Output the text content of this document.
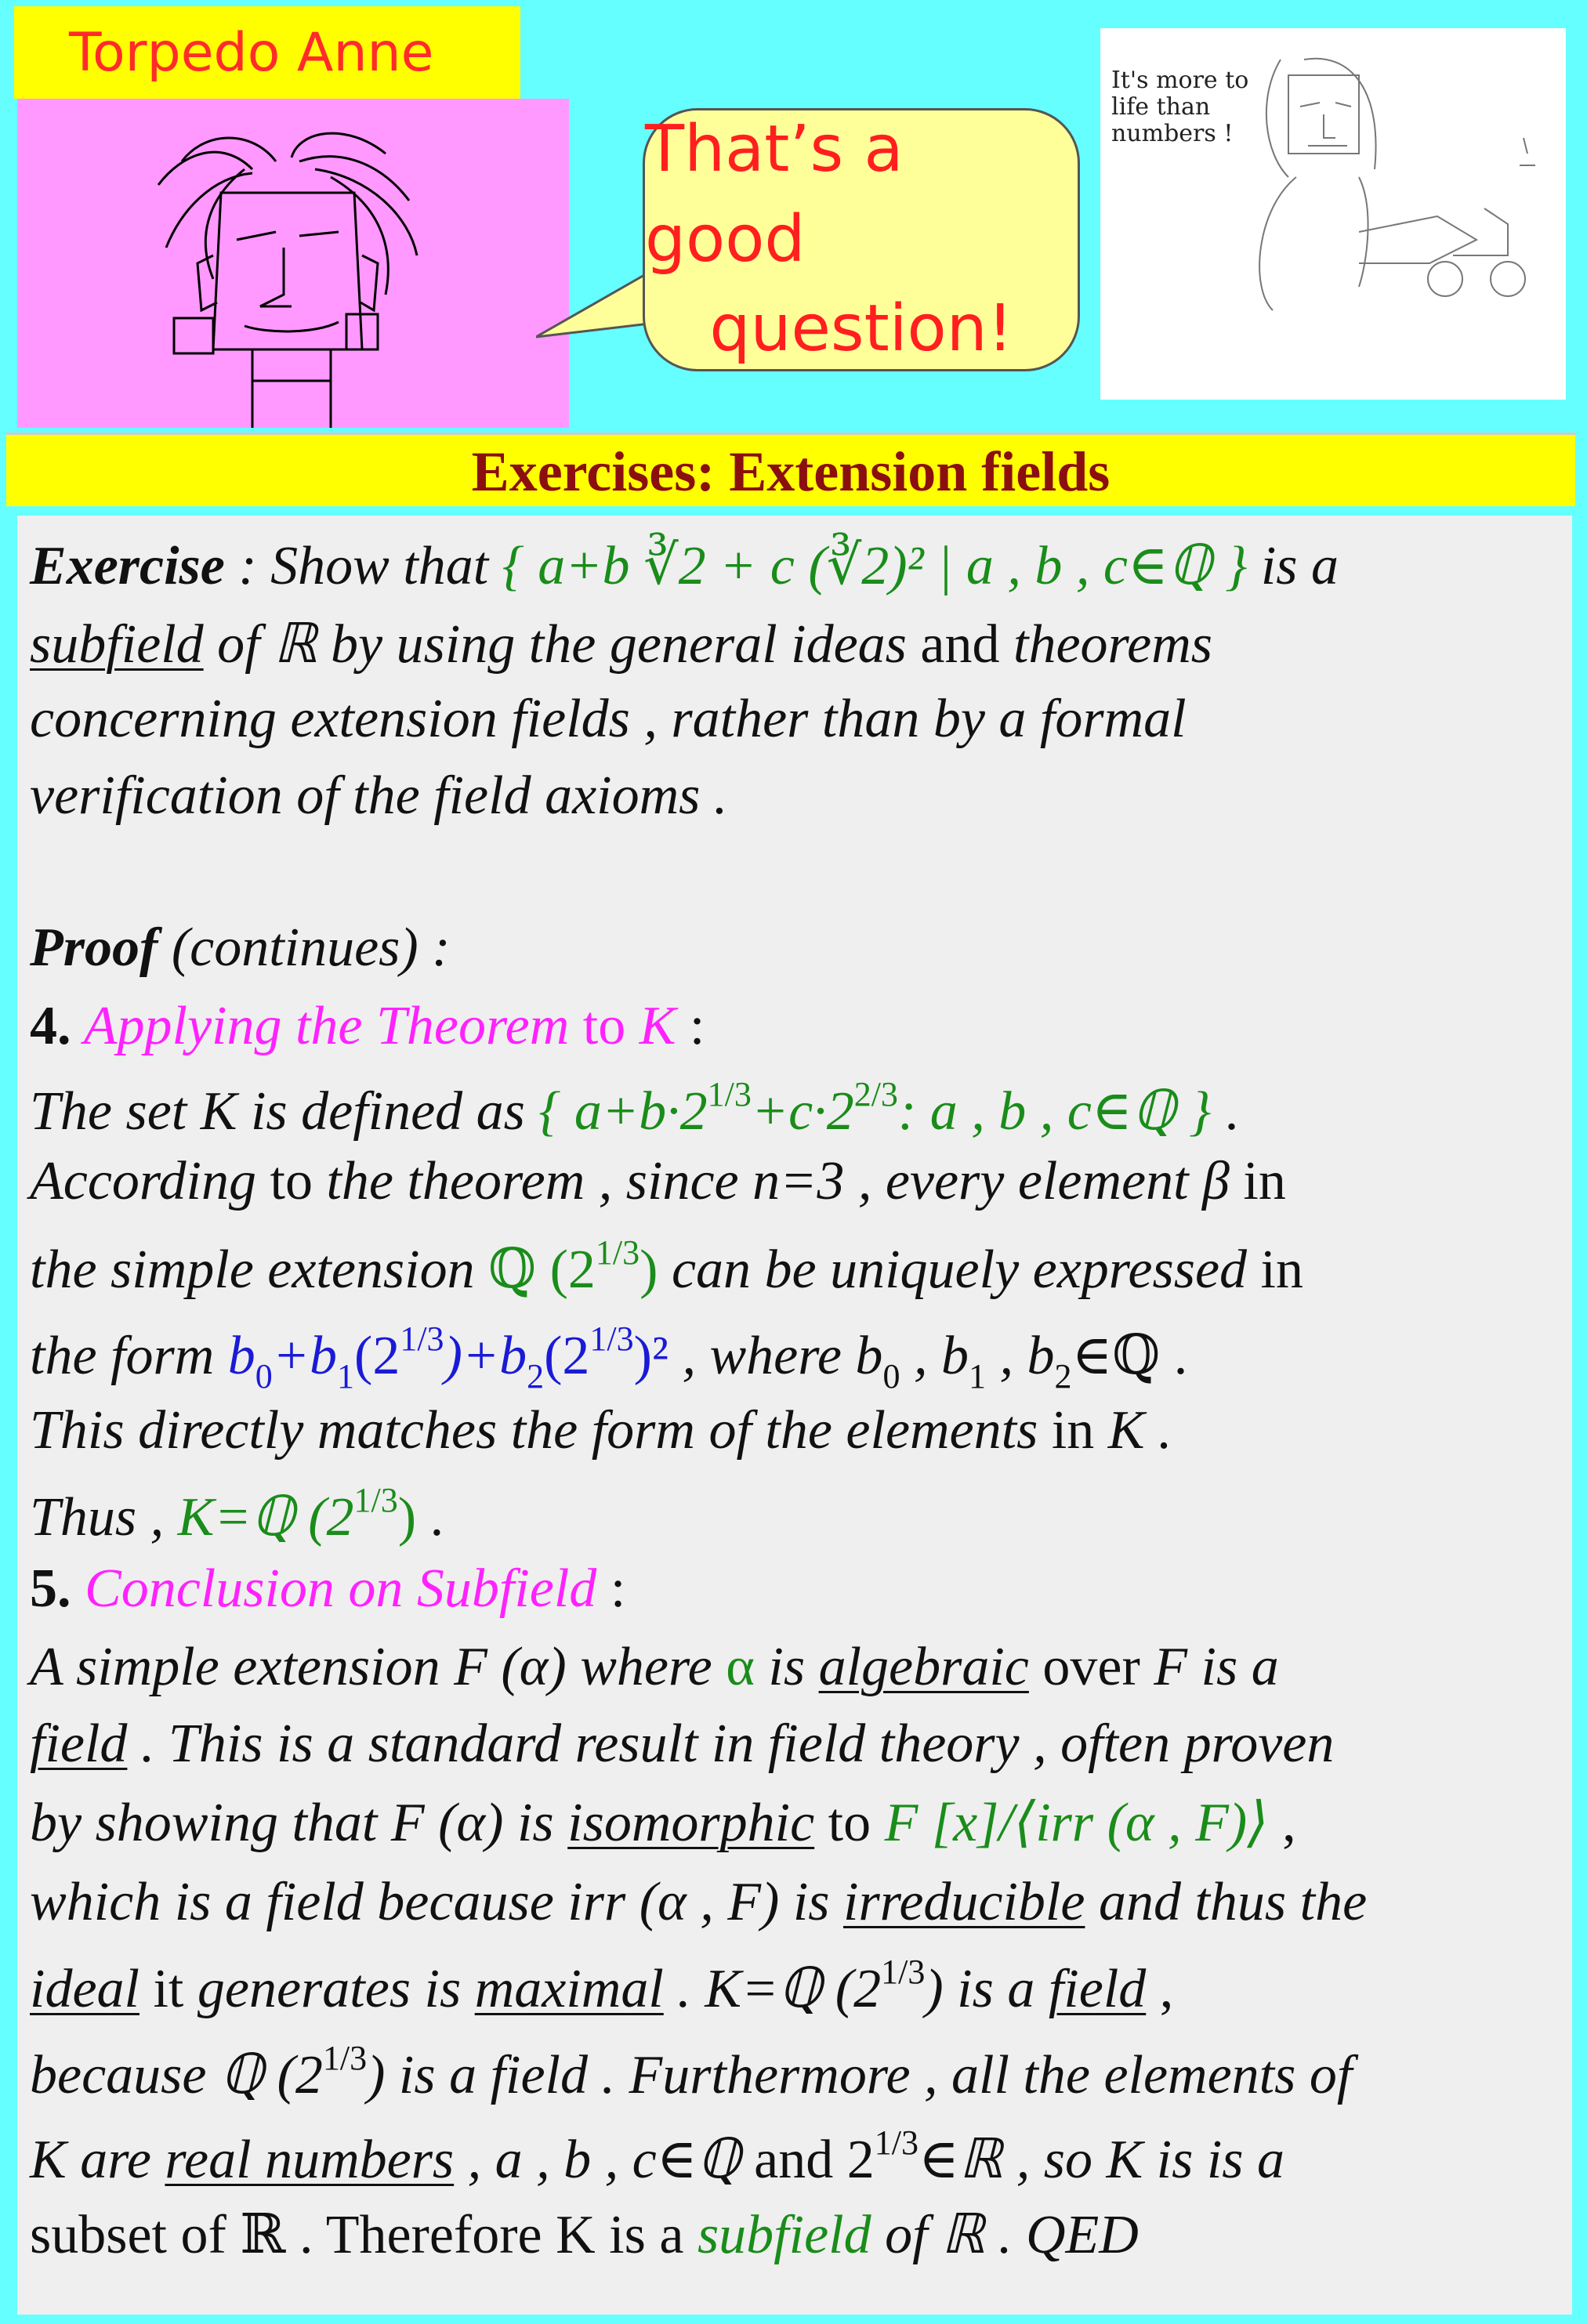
Torpedo Anne
That’s a good
question!
It's more to
life than
numbers !
Exercises: Extension fields
Exercise : Show that { a+b ∛2 + c (∛2)² | a , b , c∈ℚ } is a
subfield of ℝ by using the general ideas and theorems
concerning extension fields , rather than by a formal
verification of the field axioms .
Proof (continues) :
4. Applying the Theorem to K :
The set K is defined as { $a+b\cdot 2^{1/3}+c\cdot 2^{2/3}$: a , b , c∈ℚ } .
According to the theorem , since n=3 , every element β in
the simple extension ℚ $(2^{1/3})$ can be uniquely expressed in
the form $b_0+b_1(2^{1/3})+b_2(2^{1/3})^2$ , where $b_0$ , $b_1$ , $b_2\in ℚ$ .
This directly matches the form of the elements in K .
Thus , K=ℚ $(2^{1/3})$ .
5. Conclusion on Subfield :
A simple extension F (α) where α is algebraic over F is a
field . This is a standard result in field theory , often proven
by showing that F (α) is isomorphic to F [x]/⟨irr (α , F)⟩ ,
which is a field because irr (α , F) is irreducible and thus the
ideal it generates is maximal . K=ℚ $(2^{1/3})$ is a field ,
because ℚ $(2^{1/3})$ is a field . Furthermore , all the elements of
K are real numbers , a , b , c∈ℚ and $2^{1/3}\in ℝ$ , so K is is a
subset of ℝ . Therefore K is a subfield of ℝ . QED
